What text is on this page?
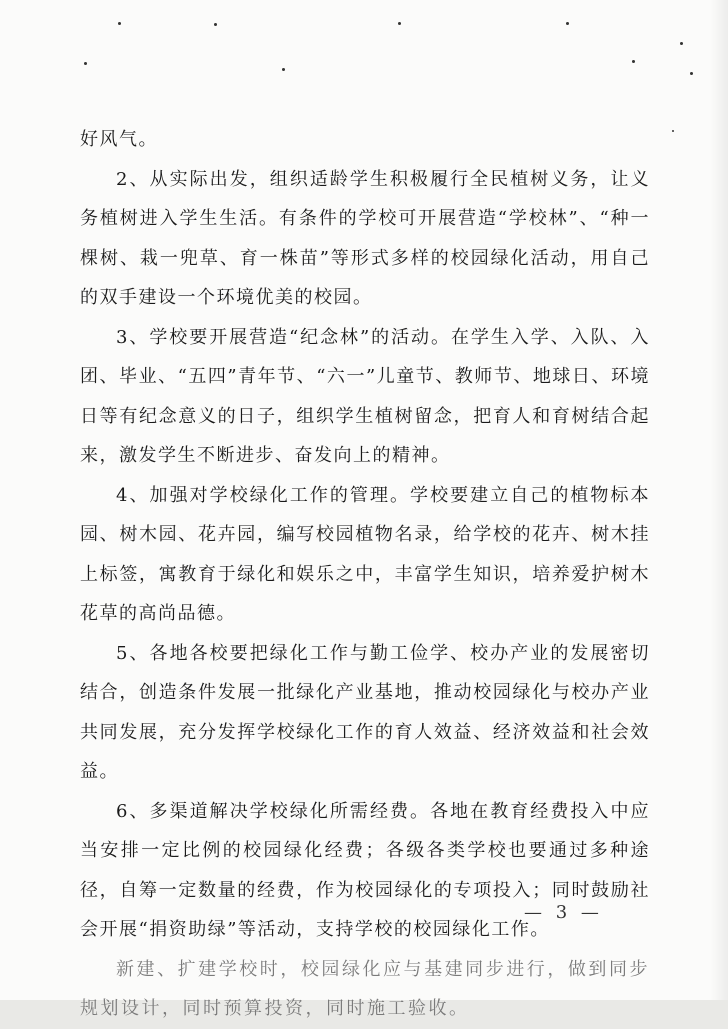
好风气。

2、从实际出发，组织适龄学生积极履行全民植树义务，让义务植树进入学生生活。有条件的学校可开展营造“学校林”、“种一棵树、栽一兜草、育一株苗”等形式多样的校园绿化活动，用自己的双手建设一个环境优美的校园。

3、学校要开展营造“纪念林”的活动。在学生入学、入队、入团、毕业、“五四”青年节、“六一”儿童节、教师节、地球日、环境日等有纪念意义的日子，组织学生植树留念，把育人和育树结合起来，激发学生不断进步、奋发向上的精神。

4、加强对学校绿化工作的管理。学校要建立自己的植物标本园、树木园、花卉园，编写校园植物名录，给学校的花卉、树木挂上标签，寓教育于绿化和娱乐之中，丰富学生知识，培养爱护树木花草的高尚品德。

5、各地各校要把绿化工作与勤工俭学、校办产业的发展密切结合，创造条件发展一批绿化产业基地，推动校园绿化与校办产业共同发展，充分发挥学校绿化工作的育人效益、经济效益和社会效益。

6、多渠道解决学校绿化所需经费。各地在教育经费投入中应当安排一定比例的校园绿化经费；各级各类学校也要通过多种途径，自筹一定数量的经费，作为校园绿化的专项投入；同时鼓励社会开展“捐资助绿”等活动，支持学校的校园绿化工作。

新建、扩建学校时，校园绿化应与基建同步进行，做到同步规划设计，同时预算投资，同时施工验收。

— 3 —
